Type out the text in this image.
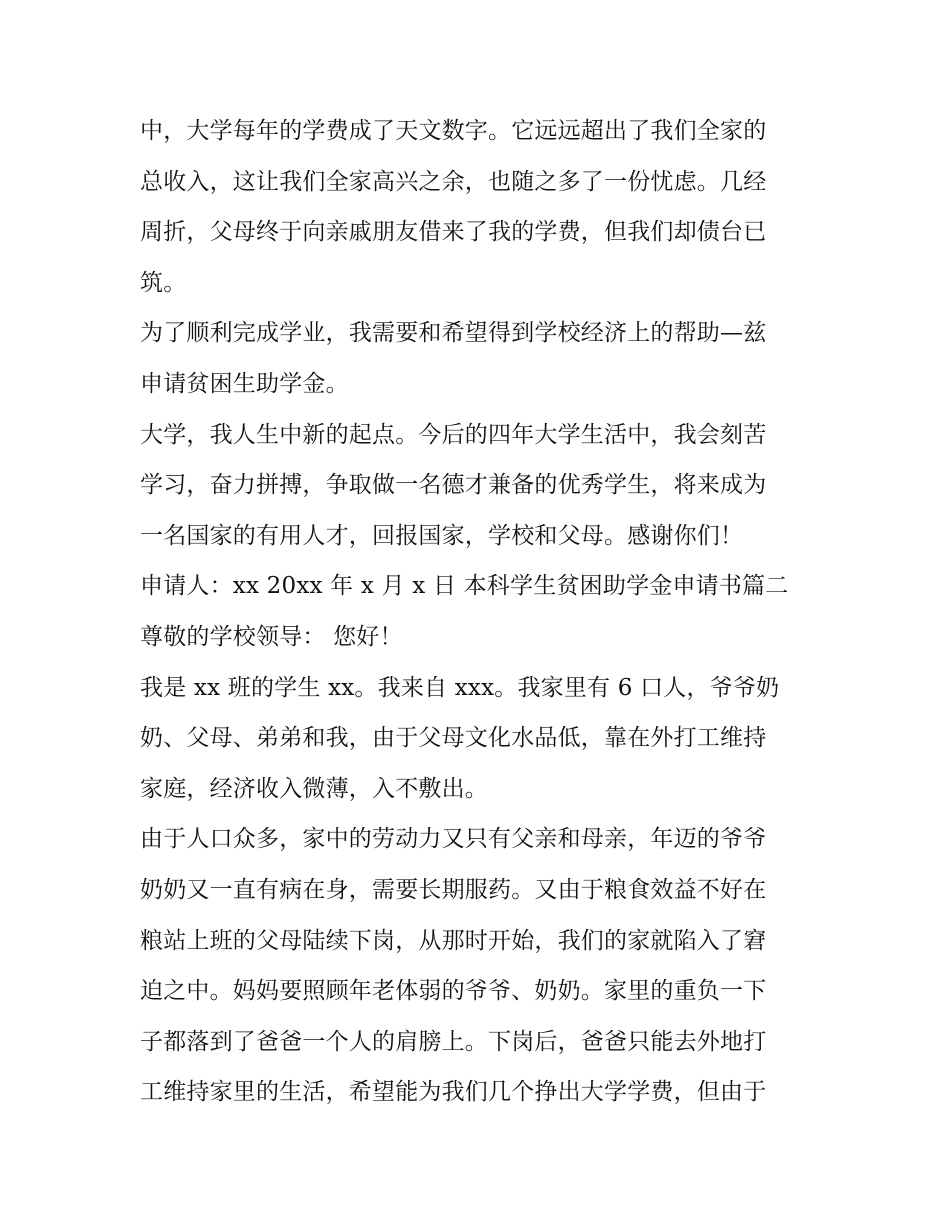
中，大学每年的学费成了天文数字。它远远超出了我们全家的
总收入，这让我们全家高兴之余，也随之多了一份忧虑。几经
周折，父母终于向亲戚朋友借来了我的学费，但我们却债台已
筑。
为了顺利完成学业，我需要和希望得到学校经济上的帮助—兹
申请贫困生助学金。
大学，我人生中新的起点。今后的四年大学生活中，我会刻苦
学习，奋力拼搏，争取做一名德才兼备的优秀学生，将来成为
一名国家的有用人才，回报国家，学校和父母。感谢你们！
申请人：xx 20xx 年 x 月 x 日 本科学生贫困助学金申请书篇二
尊敬的学校领导： 您好！
我是 xx 班的学生 xx。我来自 xxx。我家里有 6 口人，爷爷奶
奶、父母、弟弟和我，由于父母文化水品低，靠在外打工维持
家庭，经济收入微薄，入不敷出。
由于人口众多，家中的劳动力又只有父亲和母亲，年迈的爷爷
奶奶又一直有病在身，需要长期服药。又由于粮食效益不好在
粮站上班的父母陆续下岗，从那时开始，我们的家就陷入了窘
迫之中。妈妈要照顾年老体弱的爷爷、奶奶。家里的重负一下
子都落到了爸爸一个人的肩膀上。下岗后，爸爸只能去外地打
工维持家里的生活，希望能为我们几个挣出大学学费，但由于
